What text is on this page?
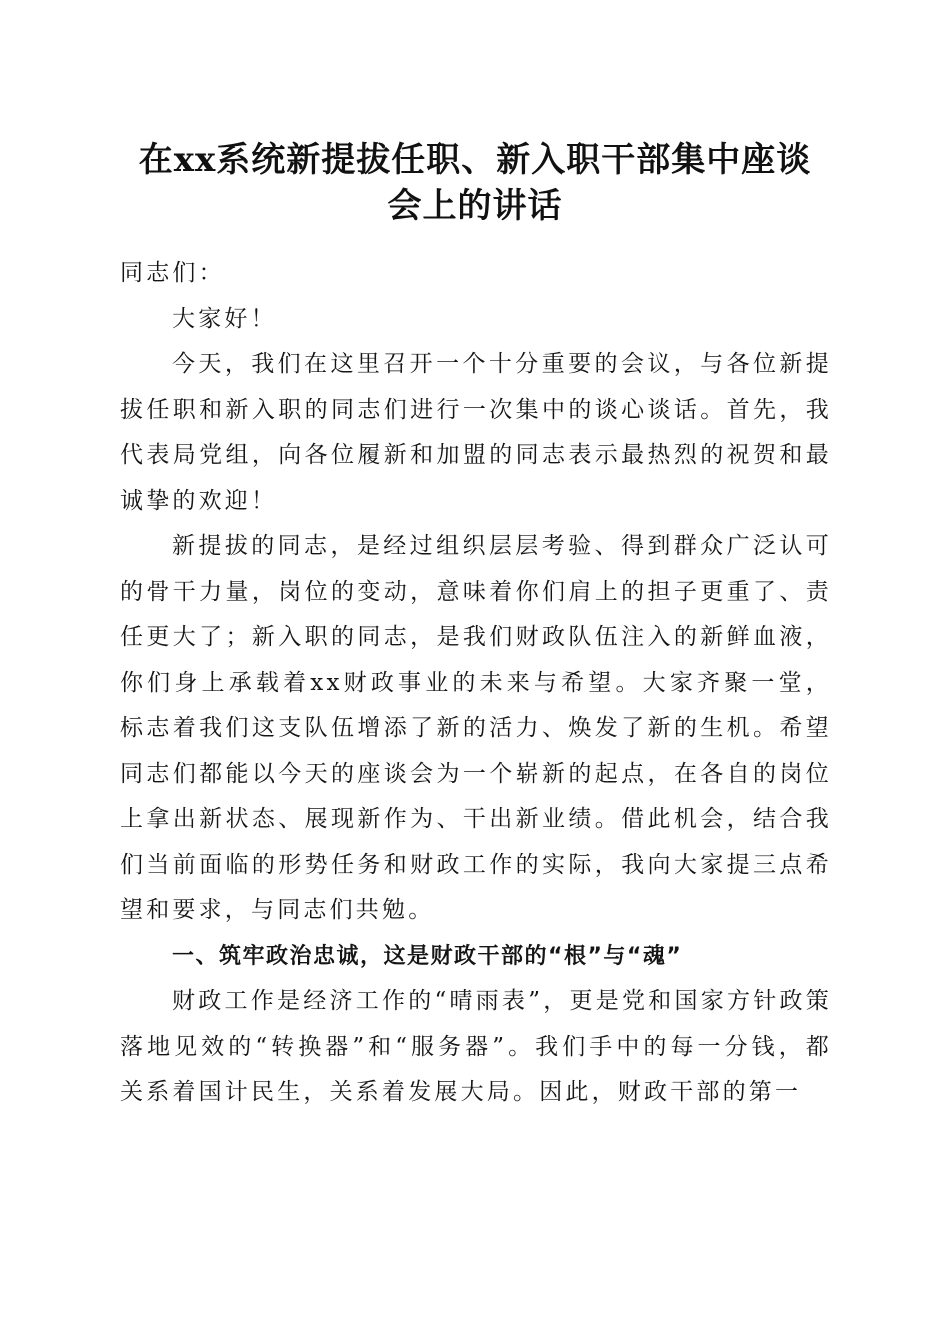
在xx系统新提拔任职、新入职干部集中座谈
会上的讲话

同志们：

大家好！

今天，我们在这里召开一个十分重要的会议，与各位新提拔任职和新入职的同志们进行一次集中的谈心谈话。首先，我代表局党组，向各位履新和加盟的同志表示最热烈的祝贺和最诚挚的欢迎！

新提拔的同志，是经过组织层层考验、得到群众广泛认可的骨干力量，岗位的变动，意味着你们肩上的担子更重了、责任更大了；新入职的同志，是我们财政队伍注入的新鲜血液，你们身上承载着xx财政事业的未来与希望。大家齐聚一堂，标志着我们这支队伍增添了新的活力、焕发了新的生机。希望同志们都能以今天的座谈会为一个崭新的起点，在各自的岗位上拿出新状态、展现新作为、干出新业绩。借此机会，结合我们当前面临的形势任务和财政工作的实际，我向大家提三点希望和要求，与同志们共勉。

一、筑牢政治忠诚，这是财政干部的“根”与“魂”

财政工作是经济工作的“晴雨表”，更是党和国家方针政策落地见效的“转换器”和“服务器”。我们手中的每一分钱，都关系着国计民生，关系着发展大局。因此，财政干部的第一
